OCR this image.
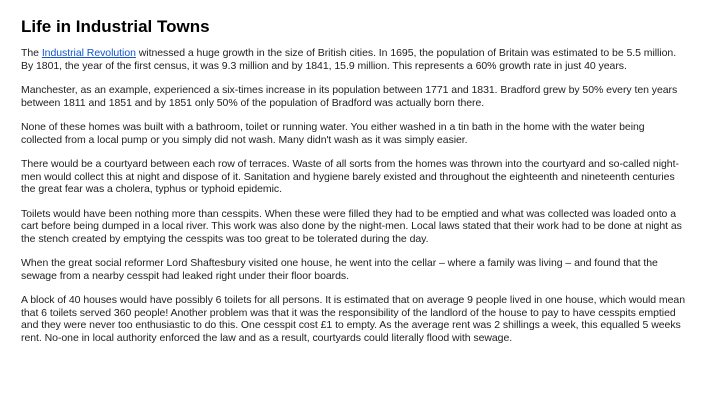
Life in Industrial Towns

The Industrial Revolution witnessed a huge growth in the size of British cities. In 1695, the population of Britain was estimated to be 5.5 million. By 1801, the year of the first census, it was 9.3 million and by 1841, 15.9 million. This represents a 60% growth rate in just 40 years.

Manchester, as an example, experienced a six-times increase in its population between 1771 and 1831. Bradford grew by 50% every ten years between 1811 and 1851 and by 1851 only 50% of the population of Bradford was actually born there.

None of these homes was built with a bathroom, toilet or running water. You either washed in a tin bath in the home with the water being collected from a local pump or you simply did not wash. Many didn't wash as it was simply easier.

There would be a courtyard between each row of terraces. Waste of all sorts from the homes was thrown into the courtyard and so-called night-men would collect this at night and dispose of it. Sanitation and hygiene barely existed and throughout the eighteenth and nineteenth centuries the great fear was a cholera, typhus or typhoid epidemic.

Toilets would have been nothing more than cesspits. When these were filled they had to be emptied and what was collected was loaded onto a cart before being dumped in a local river. This work was also done by the night-men. Local laws stated that their work had to be done at night as the stench created by emptying the cesspits was too great to be tolerated during the day.

When the great social reformer Lord Shaftesbury visited one house, he went into the cellar – where a family was living – and found that the sewage from a nearby cesspit had leaked right under their floor boards.

A block of 40 houses would have possibly 6 toilets for all persons. It is estimated that on average 9 people lived in one house, which would mean that 6 toilets served 360 people! Another problem was that it was the responsibility of the landlord of the house to pay to have cesspits emptied and they were never too enthusiastic to do this. One cesspit cost £1 to empty. As the average rent was 2 shillings a week, this equalled 5 weeks rent. No-one in local authority enforced the law and as a result, courtyards could literally flood with sewage.
